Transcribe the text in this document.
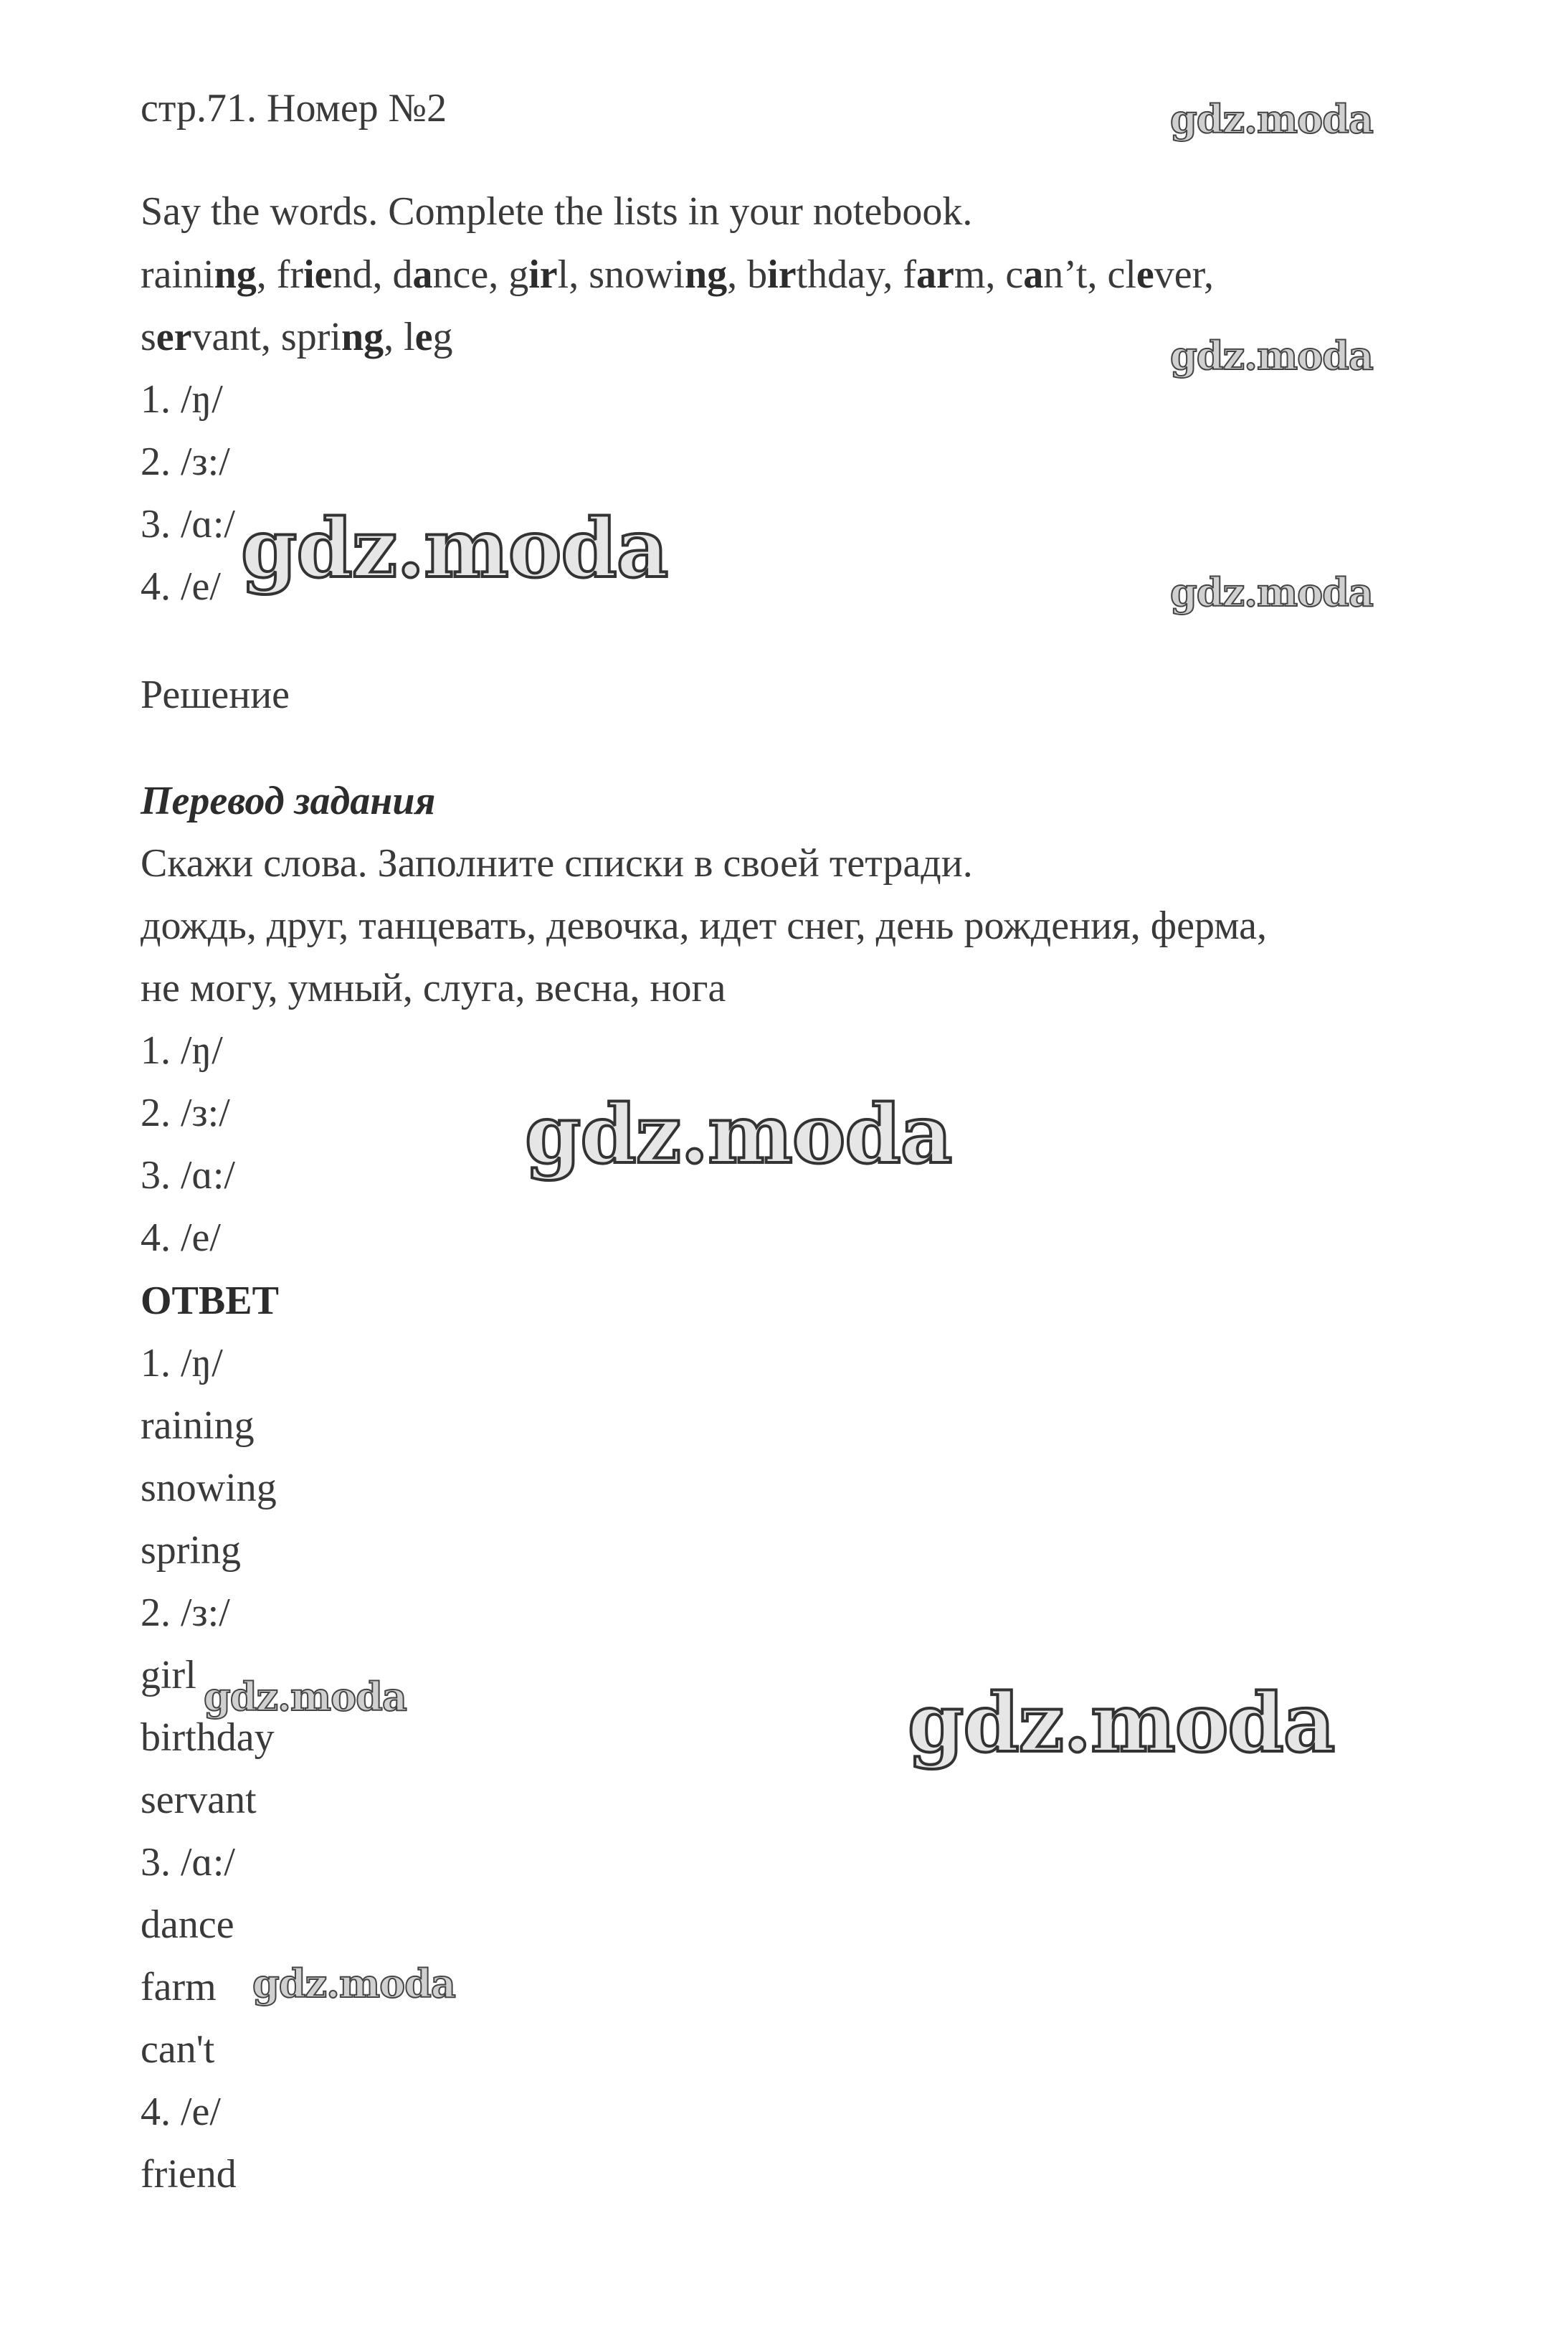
стр.71. Номер №2
Say the words. Complete the lists in your notebook.
raining, friend, dance, girl, snowing, birthday, farm, can’t, clever,
servant, spring, leg
1. /ŋ/
2. /з:/
3. /ɑ:/
4. /e/
Решение
Перевод задания
Скажи слова. Заполните списки в своей тетради.
дождь, друг, танцевать, девочка, идет снег, день рождения, ферма,
не могу, умный, слуга, весна, нога
1. /ŋ/
2. /з:/
3. /ɑ:/
4. /e/
ОТВЕТ
1. /ŋ/
raining
snowing
spring
2. /з:/
girl
birthday
servant
3. /ɑ:/
dance
farm
can't
4. /e/
friend
gdz.moda
gdz.moda
gdz.moda
gdz.moda
gdz.moda
gdz.moda	gdz.moda
gdz.moda
